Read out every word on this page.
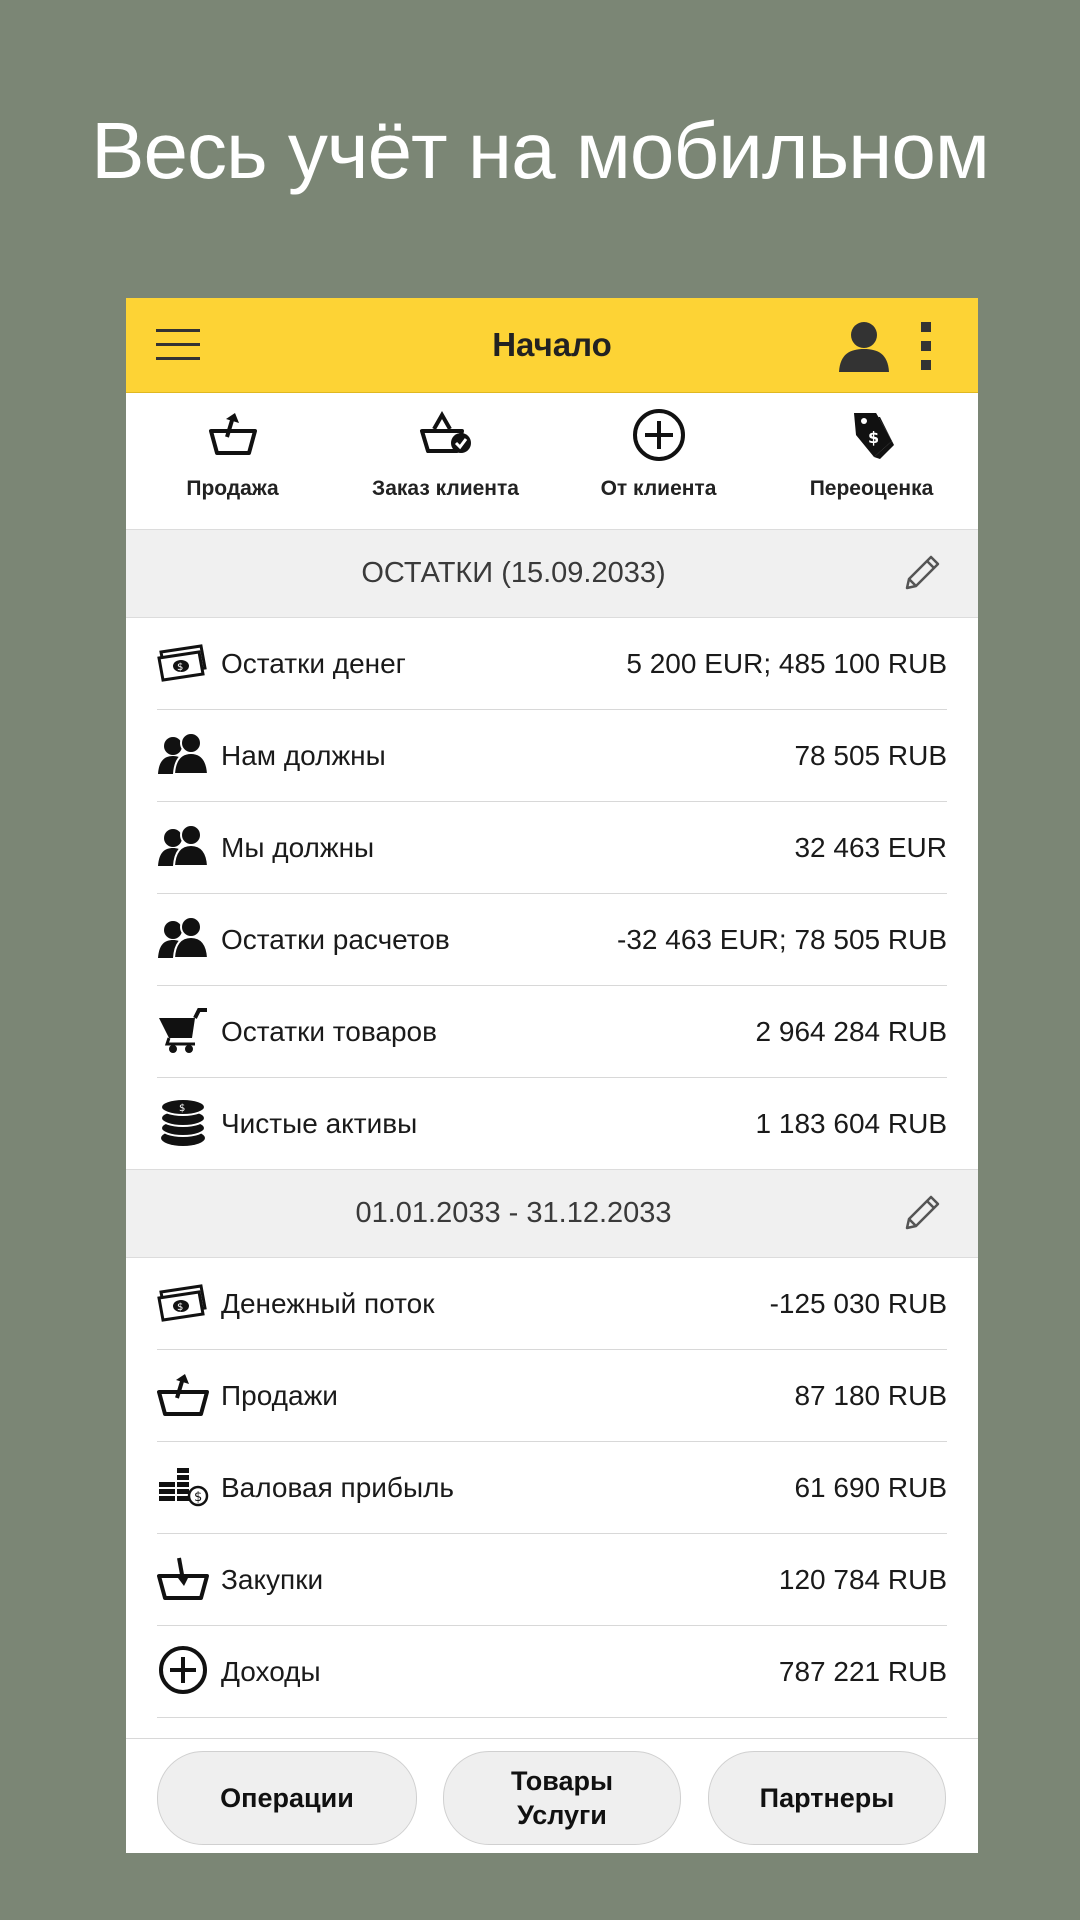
Весь учёт на мобильном
Начало
Продажа	Заказ клиента	От клиента
$
Переоценка
ОСТАТКИ (15.09.2033)
$ Остатки денег	5 200 EUR; 485 100 RUB
Нам должны	78 505 RUB
Мы должны	32 463 EUR
Остатки расчетов	-32 463 EUR; 78 505 RUB
Остатки товаров	2 964 284 RUB
$ Чистые активы	1 183 604 RUB
01.01.2033 - 31.12.2033
$ Денежный поток	-125 030 RUB
Продажи	87 180 RUB
$ Валовая прибыль	61 690 RUB
Закупки	120 784 RUB
Доходы	787 221 RUB
Операции
Товары
Услуги
Партнеры
